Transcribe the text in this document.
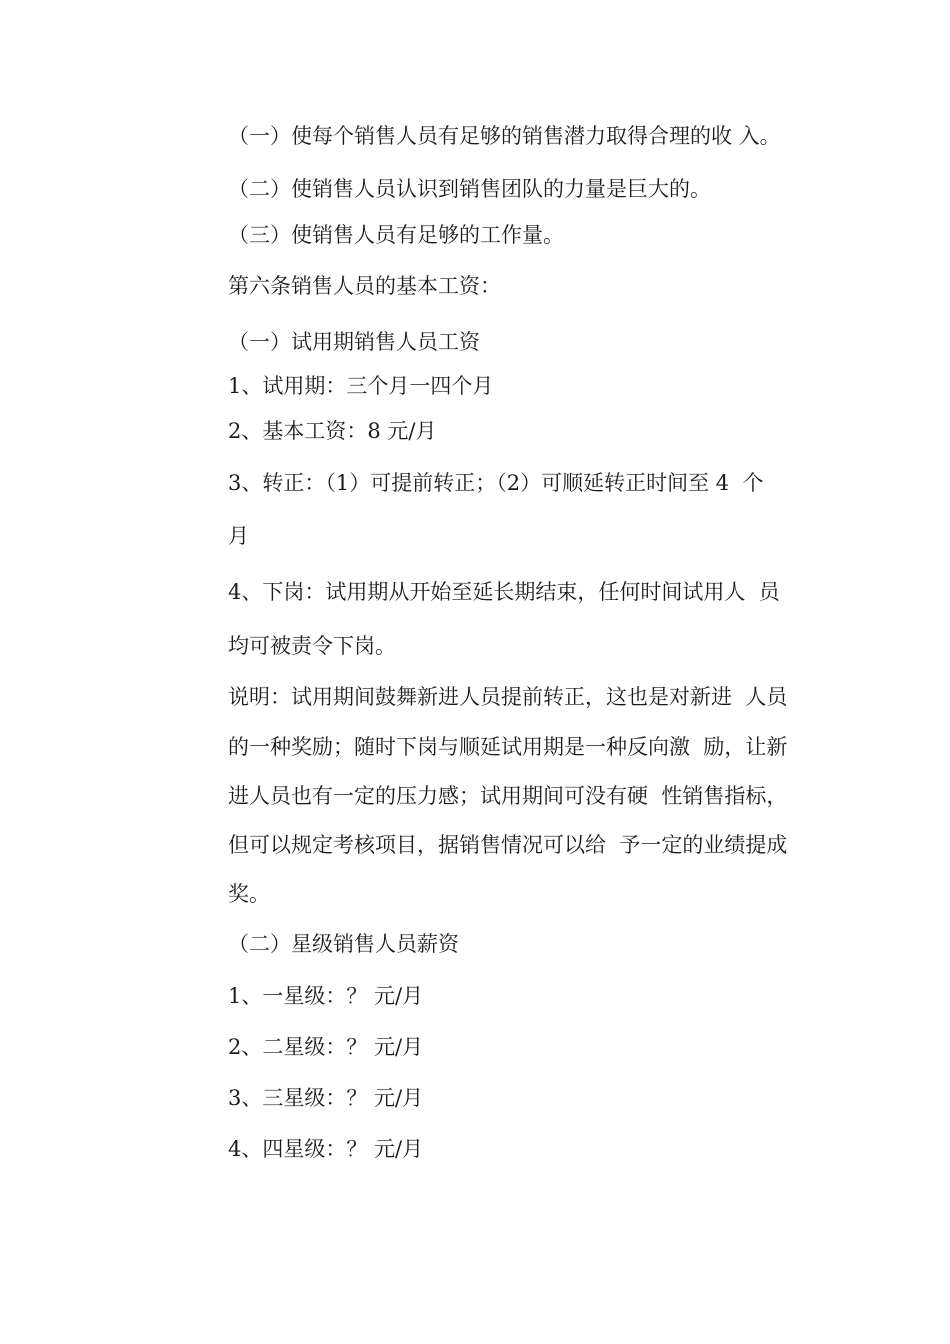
（一）使每个销售人员有足够的销售潜力取得合理的收 入。
（二）使销售人员认识到销售团队的力量是巨大的。
（三）使销售人员有足够的工作量。
第六条销售人员的基本工资：
（一）试用期销售人员工资
1、试用期：三个月一四个月
2、基本工资：8 元/月
3、转正：（1）可提前转正；（2）可顺延转正时间至 4  个
月
4、下岗：试用期从开始至延长期结束，任何时间试用人  员
均可被责令下岗。
说明：试用期间鼓舞新进人员提前转正，这也是对新进  人员
的一种奖励；随时下岗与顺延试用期是一种反向激  励，让新
进人员也有一定的压力感；试用期间可没有硬  性销售指标，
但可以规定考核项目，据销售情况可以给  予一定的业绩提成
奖。
（二）星级销售人员薪资
1、一星级：？ 元/月
2、二星级：？ 元/月
3、三星级：？ 元/月
4、四星级：？ 元/月
